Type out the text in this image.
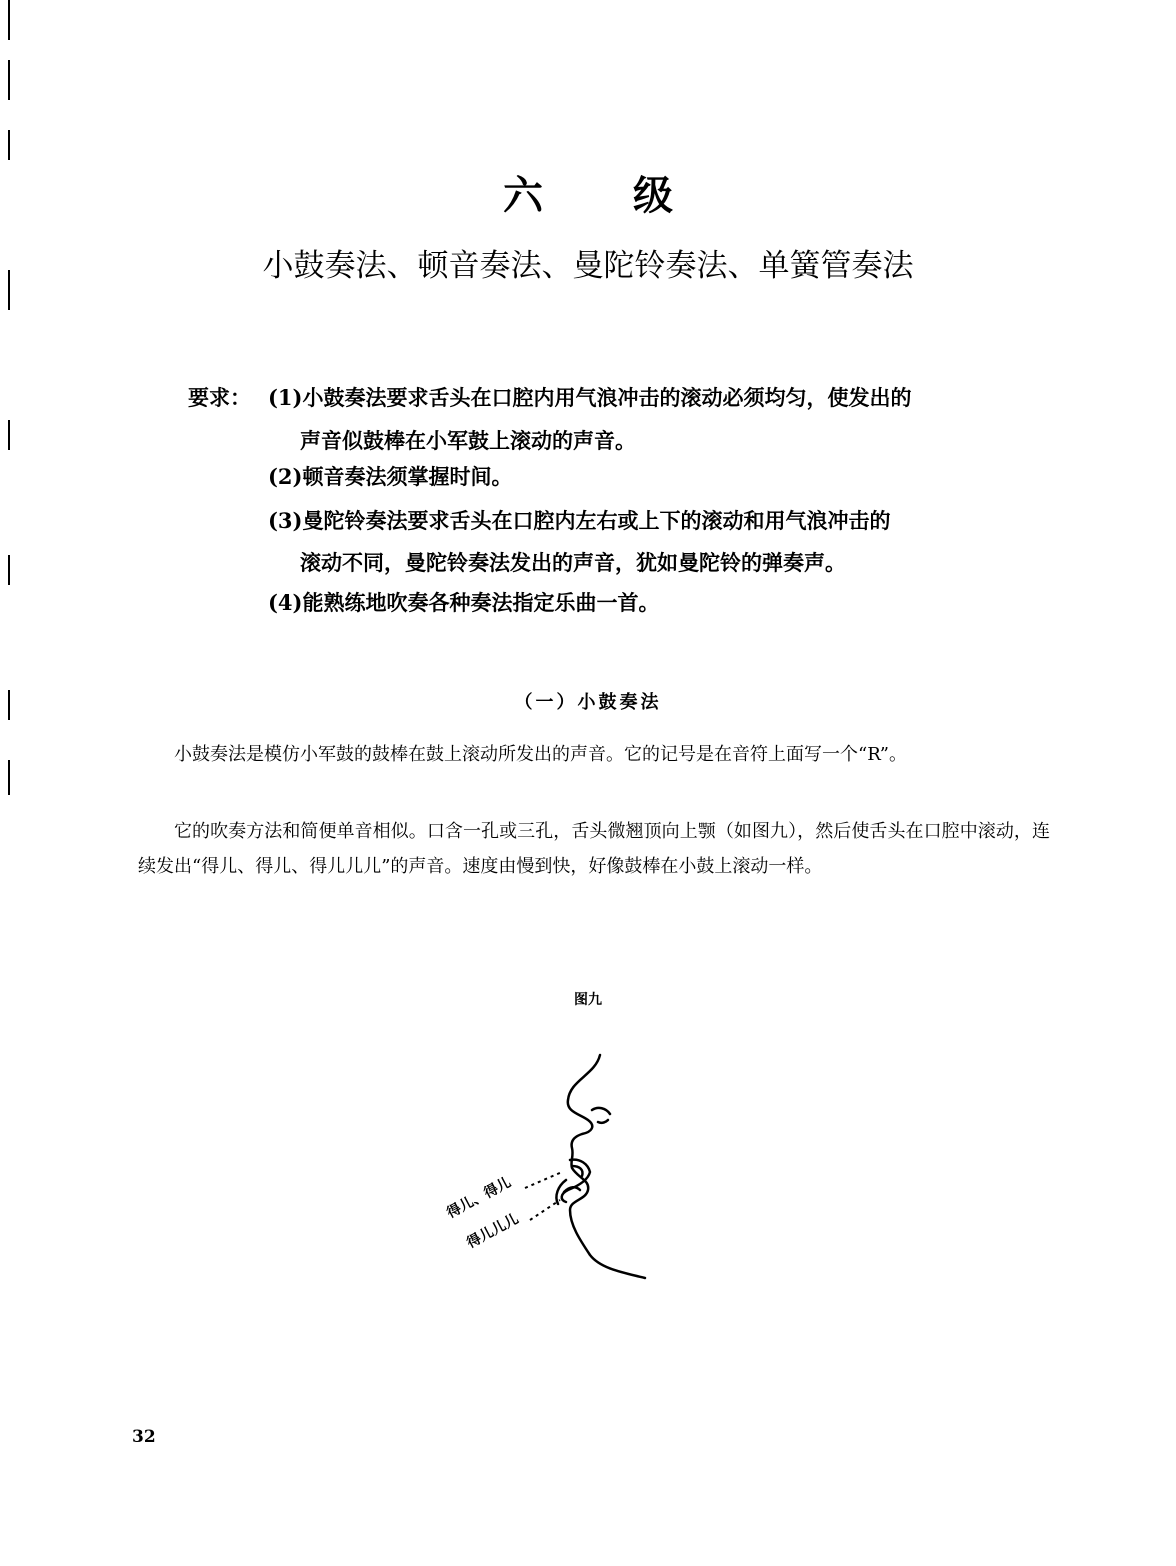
六级
小鼓奏法、顿音奏法、曼陀铃奏法、单簧管奏法
要求： (1)小鼓奏法要求舌头在口腔内用气浪冲击的滚动必须均匀，使发出的
声音似鼓棒在小军鼓上滚动的声音。
(2)顿音奏法须掌握时间。
(3)曼陀铃奏法要求舌头在口腔内左右或上下的滚动和用气浪冲击的
滚动不同，曼陀铃奏法发出的声音，犹如曼陀铃的弹奏声。
(4)能熟练地吹奏各种奏法指定乐曲一首。
（一）小鼓奏法

小鼓奏法是模仿小军鼓的鼓棒在鼓上滚动所发出的声音。它的记号是在音符上面写一个“R”。

它的吹奏方法和简便单音相似。口含一孔或三孔，舌头微翘顶向上颚（如图九），然后使舌头在口腔中滚动，连续发出“得儿、得儿、得儿儿儿”的声音。速度由慢到快，好像鼓棒在小鼓上滚动一样。

图九
得儿、得儿
得儿儿儿
32
